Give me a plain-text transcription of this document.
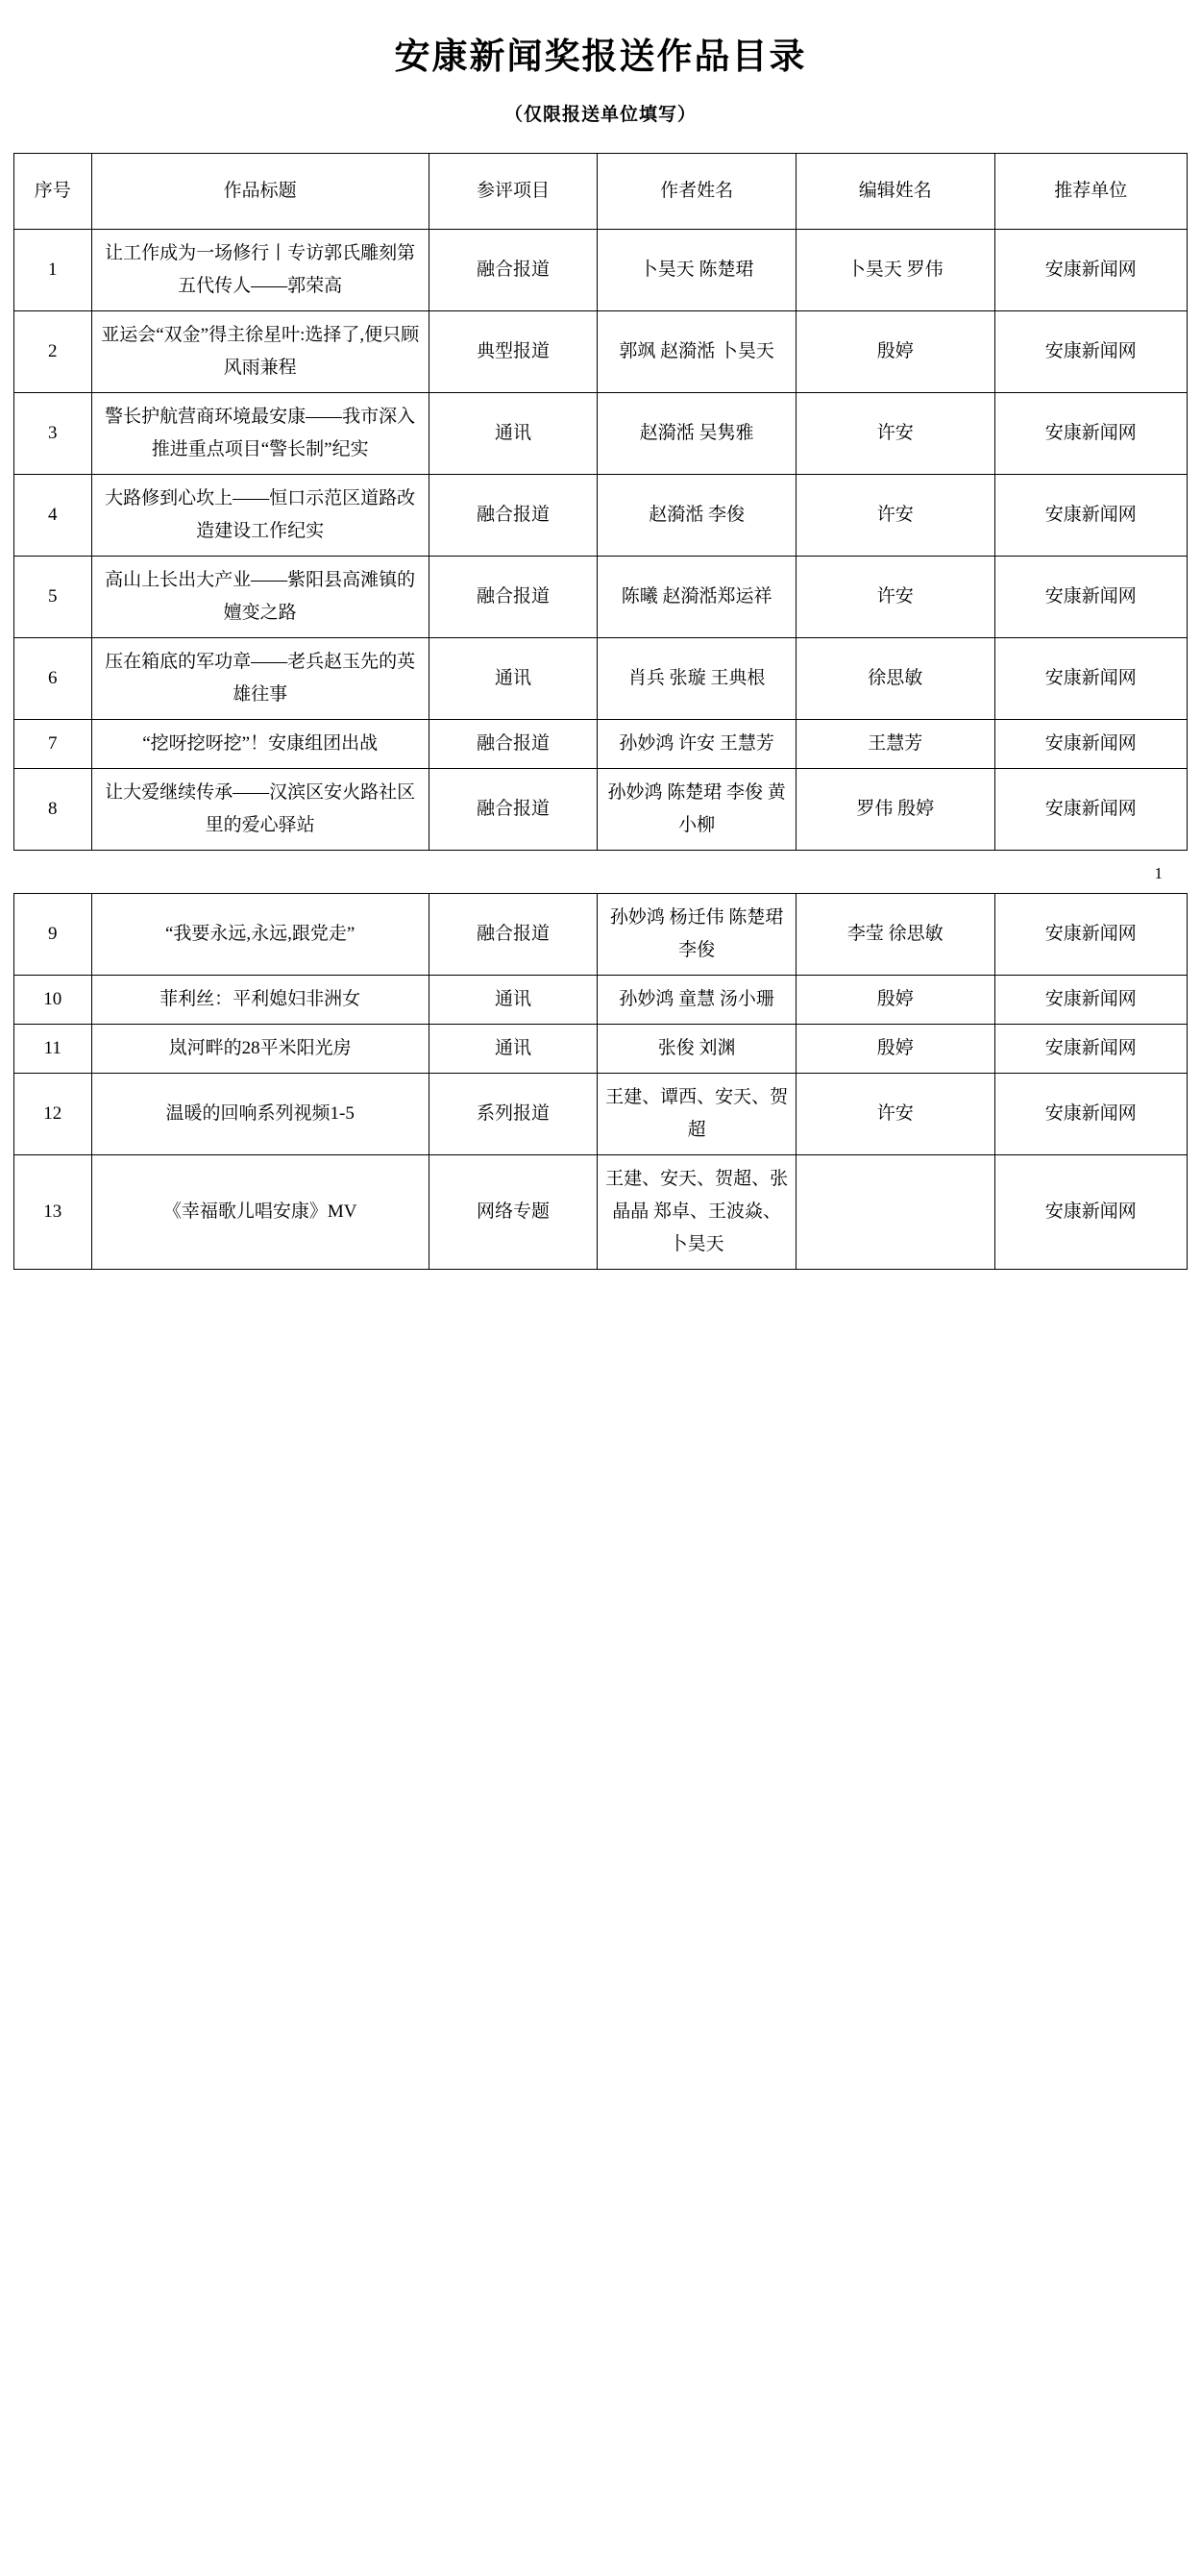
安康新闻奖报送作品目录
（仅限报送单位填写）
序号	作品标题	参评项目	作者姓名	编辑姓名	推荐单位
1	让工作成为一场修行丨专访郭氏雕刻第五代传人——郭荣高	融合报道	卜昊天 陈楚珺	卜昊天 罗伟	安康新闻网
2	亚运会“双金”得主徐星叶:选择了,便只顾风雨兼程	典型报道	郭飒 赵漪湉 卜昊天	殷婷	安康新闻网
3	警长护航营商环境最安康——我市深入推进重点项目“警长制”纪实	通讯	赵漪湉 吴隽雅	许安	安康新闻网
4	大路修到心坎上——恒口示范区道路改造建设工作纪实	融合报道	赵漪湉 李俊	许安	安康新闻网
5	高山上长出大产业——紫阳县高滩镇的嬗变之路	融合报道	陈曦 赵漪湉郑运祥	许安	安康新闻网
6	压在箱底的军功章——老兵赵玉先的英雄往事	通讯	肖兵 张璇 王典根	徐思敏	安康新闻网
7	“挖呀挖呀挖”！安康组团出战	融合报道	孙妙鸿 许安 王慧芳	王慧芳	安康新闻网
8	让大爱继续传承——汉滨区安火路社区里的爱心驿站	融合报道	孙妙鸿 陈楚珺 李俊 黄小柳	罗伟 殷婷	安康新闻网
1
9	“我要永远,永远,跟党走”	融合报道	孙妙鸿 杨迁伟 陈楚珺 李俊	李莹 徐思敏	安康新闻网
10	菲利丝：平利媳妇非洲女	通讯	孙妙鸿 童慧 汤小珊	殷婷	安康新闻网
11	岚河畔的28平米阳光房	通讯	张俊 刘渊	殷婷	安康新闻网
12	温暖的回响系列视频1-5	系列报道	王建、谭西、安天、贺超	许安	安康新闻网
13	《幸福歌儿唱安康》MV	网络专题	王建、安天、贺超、张晶晶 郑卓、王波焱、卜昊天		安康新闻网
